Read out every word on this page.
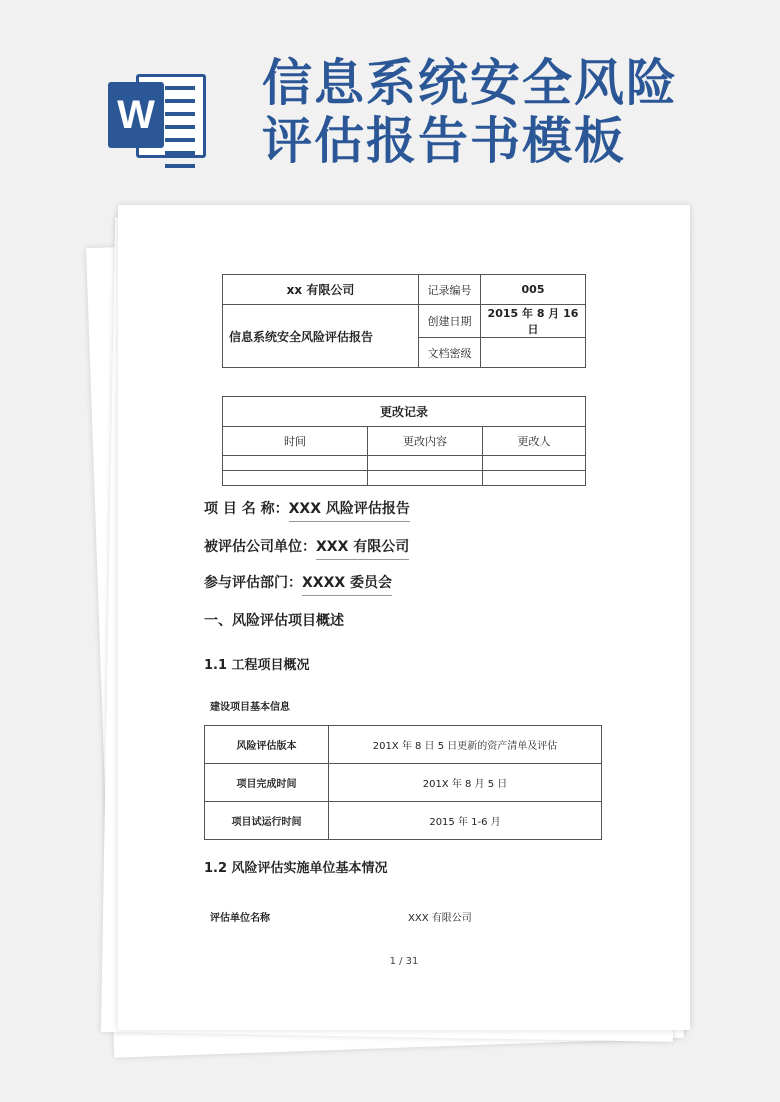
W
信息系统安全风险
评估报告书模板
xx 有限公司	记录编号	005
信息系统安全风险评估报告	创建日期	2015 年 8 月 16 日
	文档密级	
更改记录		
时间	更改内容	更改人

项 目 名 称：XXX 风险评估报告
被评估公司单位：XXX 有限公司
参与评估部门：XXXX 委员会
一、风险评估项目概述
1.1 工程项目概况
建设项目基本信息
风险评估版本	201X 年 8 日 5 日更新的资产清单及评估
项目完成时间	201X 年 8 月 5 日
项目试运行时间	2015 年 1-6 月
1.2 风险评估实施单位基本情况
评估单位名称	XXX 有限公司
1 / 31
